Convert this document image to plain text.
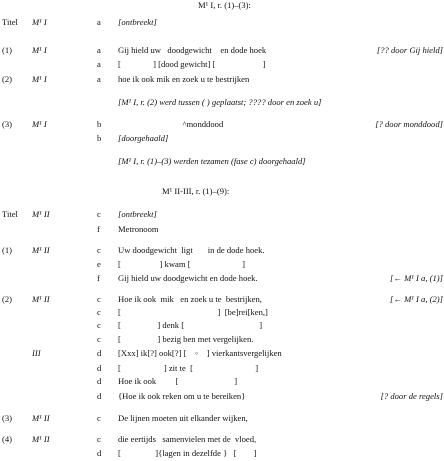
M¹ I, r. (1)–(3):
Titel M¹ I	a [ontbreekt]
(1) M¹ I	a Gij hield uw   doodgewicht    en dode hoek	[?? door Gij hield]
a [               ] [dood gewicht] [                      ]
(2) M¹ I	a hoe ik ook mik en zoek u te bestrijken
[M¹ I, r. (2) werd tussen ( ) geplaatst; ???? door en zoek u]
(3) M¹ I	b ^monddood	[? door monddood]
b [doorgehaald]
[M¹ I, r. (1)–(3) werden tezamen (fase c) doorgehaald]
M¹ II-III, r. (1)–(9):
Titel M¹ II	c [ontbreekt]
f Metronoom
(1) M¹ II	c Uw doodgewicht  ligt       in de dode hoek.
e [                  ] kwam [                        ]
f Gij hield uw doodgewicht en dode hoek.	[← M¹ I a, (1)]
(2) M¹ II	c Hoe ik ook  mik   en zoek u te  bestrijken,	[← M¹ I a, (2)]
c [                                             ]  [be]rei[ken,]
c [                 ] denk [                                   ]
c [                 ] bezig ben met vergelijken.
III	d [Xxx] ik[?] ook[?] [    ◦    ] vierkantsvergelijken
d [                    ] zit te  [                             ]
d Hoe ik ook         [                          ]
d {Hoe ik ook reken om u te bereiken}	[? door de regels]
(3) M¹ II	c De lijnen moeten uit elkander wijken,
(4) M¹ II	c die eertijds   samenvielen met de  vloed,
d [                ]{lagen in dezelfde }   [        ]
